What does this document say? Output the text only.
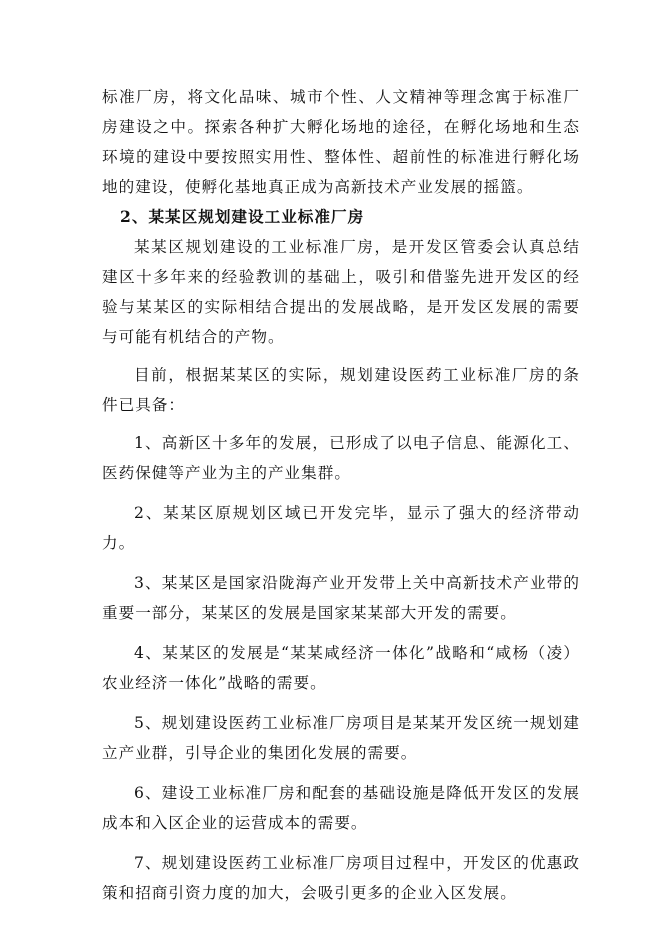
标准厂房，将文化品味、城市个性、人文精神等理念寓于标准厂房建设之中。探索各种扩大孵化场地的途径，在孵化场地和生态环境的建设中要按照实用性、整体性、超前性的标准进行孵化场地的建设，使孵化基地真正成为高新技术产业发展的摇篮。

2、某某区规划建设工业标准厂房

某某区规划建设的工业标准厂房，是开发区管委会认真总结建区十多年来的经验教训的基础上，吸引和借鉴先进开发区的经验与某某区的实际相结合提出的发展战略，是开发区发展的需要与可能有机结合的产物。

目前，根据某某区的实际，规划建设医药工业标准厂房的条件已具备：

1、高新区十多年的发展，已形成了以电子信息、能源化工、医药保健等产业为主的产业集群。

2、某某区原规划区域已开发完毕，显示了强大的经济带动力。

3、某某区是国家沿陇海产业开发带上关中高新技术产业带的重要一部分，某某区的发展是国家某某部大开发的需要。

4、某某区的发展是“某某咸经济一体化”战略和“咸杨（凌）农业经济一体化”战略的需要。

5、规划建设医药工业标准厂房项目是某某开发区统一规划建立产业群，引导企业的集团化发展的需要。

6、建设工业标准厂房和配套的基础设施是降低开发区的发展成本和入区企业的运营成本的需要。

7、规划建设医药工业标准厂房项目过程中，开发区的优惠政策和招商引资力度的加大，会吸引更多的企业入区发展。
